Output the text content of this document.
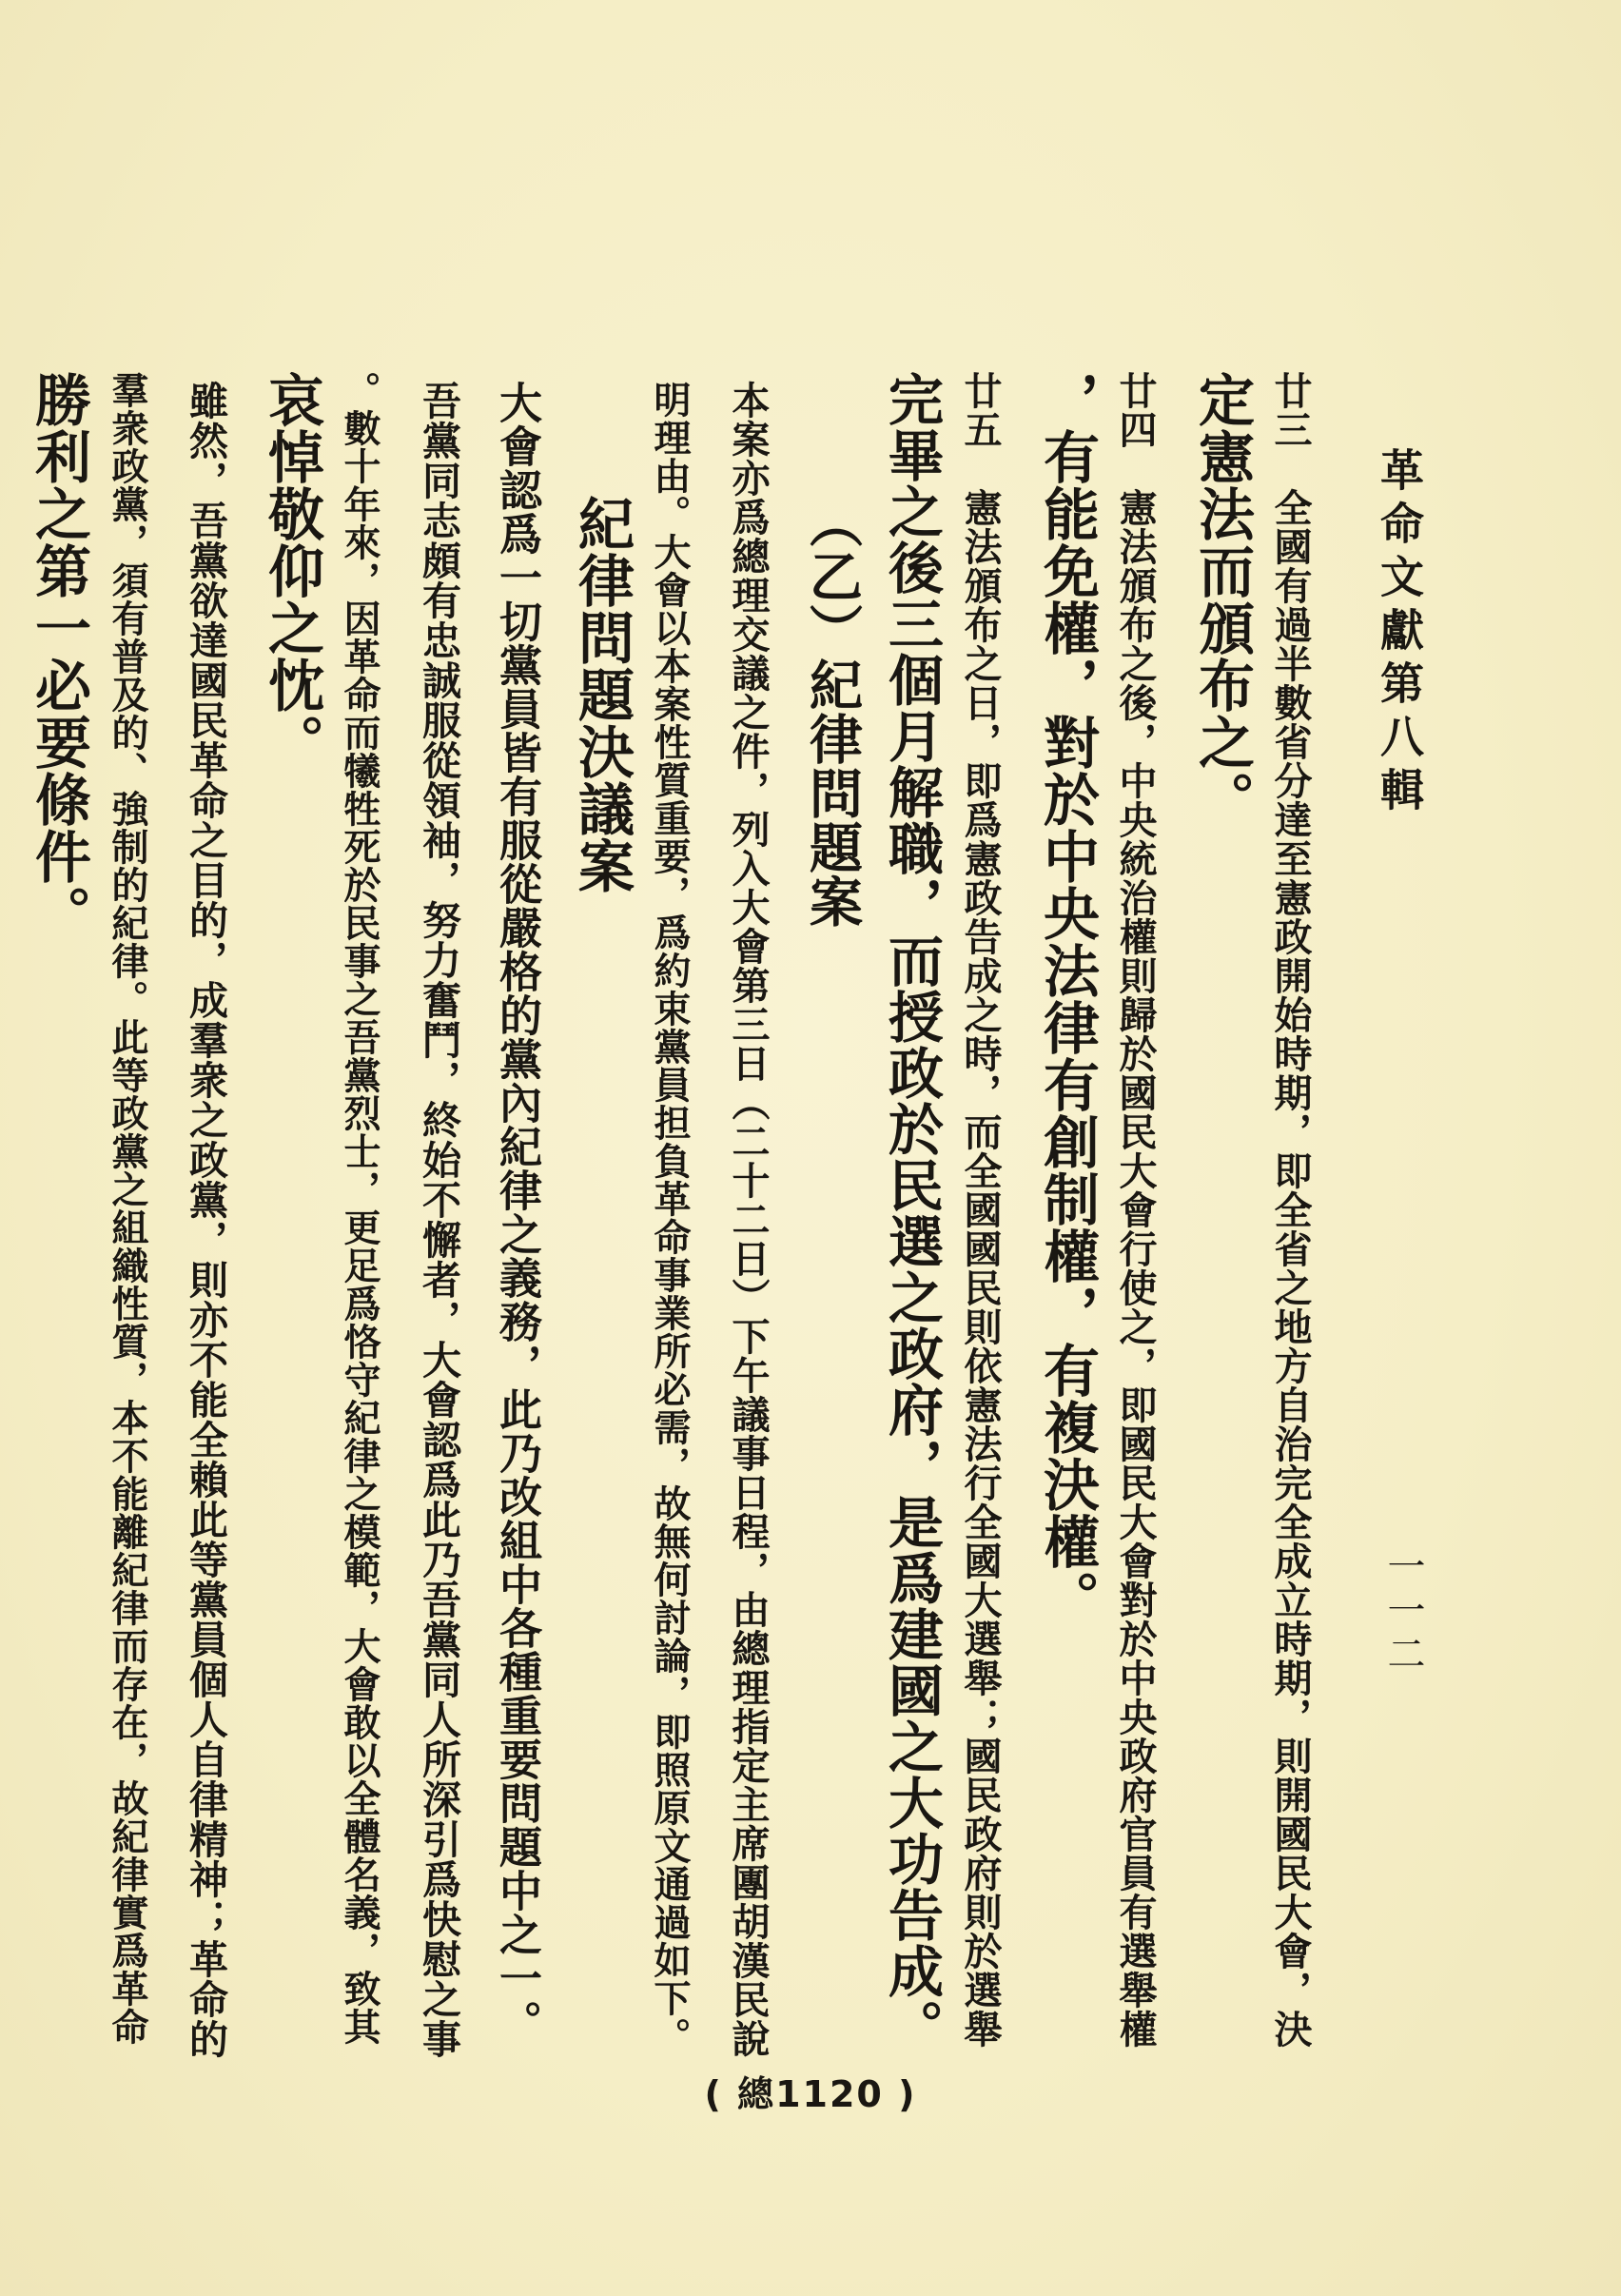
革命文獻第八輯
一一二
廿三　全國有過半數省分達至憲政開始時期，即全省之地方自治完全成立時期，則開國民大會，決
定憲法而頒布之。
廿四　憲法頒布之後，中央統治權則歸於國民大會行使之，即國民大會對於中央政府官員有選舉權
，有能免權，對於中央法律有創制權，有複決權。
廿五　憲法頒布之日，即爲憲政告成之時，而全國國民則依憲法行全國大選舉；國民政府則於選舉
完畢之後三個月解職，而授政於民選之政府，是爲建國之大功告成。
（乙）紀律問題案
本案亦爲總理交議之件，列入大會第三日（二十二日）下午議事日程，由總理指定主席團胡漢民說
明理由。大會以本案性質重要，爲約束黨員担負革命事業所必需，故無何討論，即照原文通過如下。
紀律問題決議案
大會認爲一切黨員皆有服從嚴格的黨內紀律之義務，此乃改組中各種重要問題中之一。
吾黨同志頗有忠誠服從領袖，努力奮鬥，終始不懈者，大會認爲此乃吾黨同人所深引爲快慰之事
。數十年來，因革命而犧牲死於民事之吾黨烈士，更足爲恪守紀律之模範，大會敢以全體名義，致其
哀悼敬仰之忱。
雖然，吾黨欲達國民革命之目的，成羣衆之政黨，則亦不能全賴此等黨員個人自律精神；革命的
羣衆政黨，須有普及的、強制的紀律。此等政黨之組織性質，本不能離紀律而存在，故紀律實爲革命
勝利之第一必要條件。
( 總1120 )
